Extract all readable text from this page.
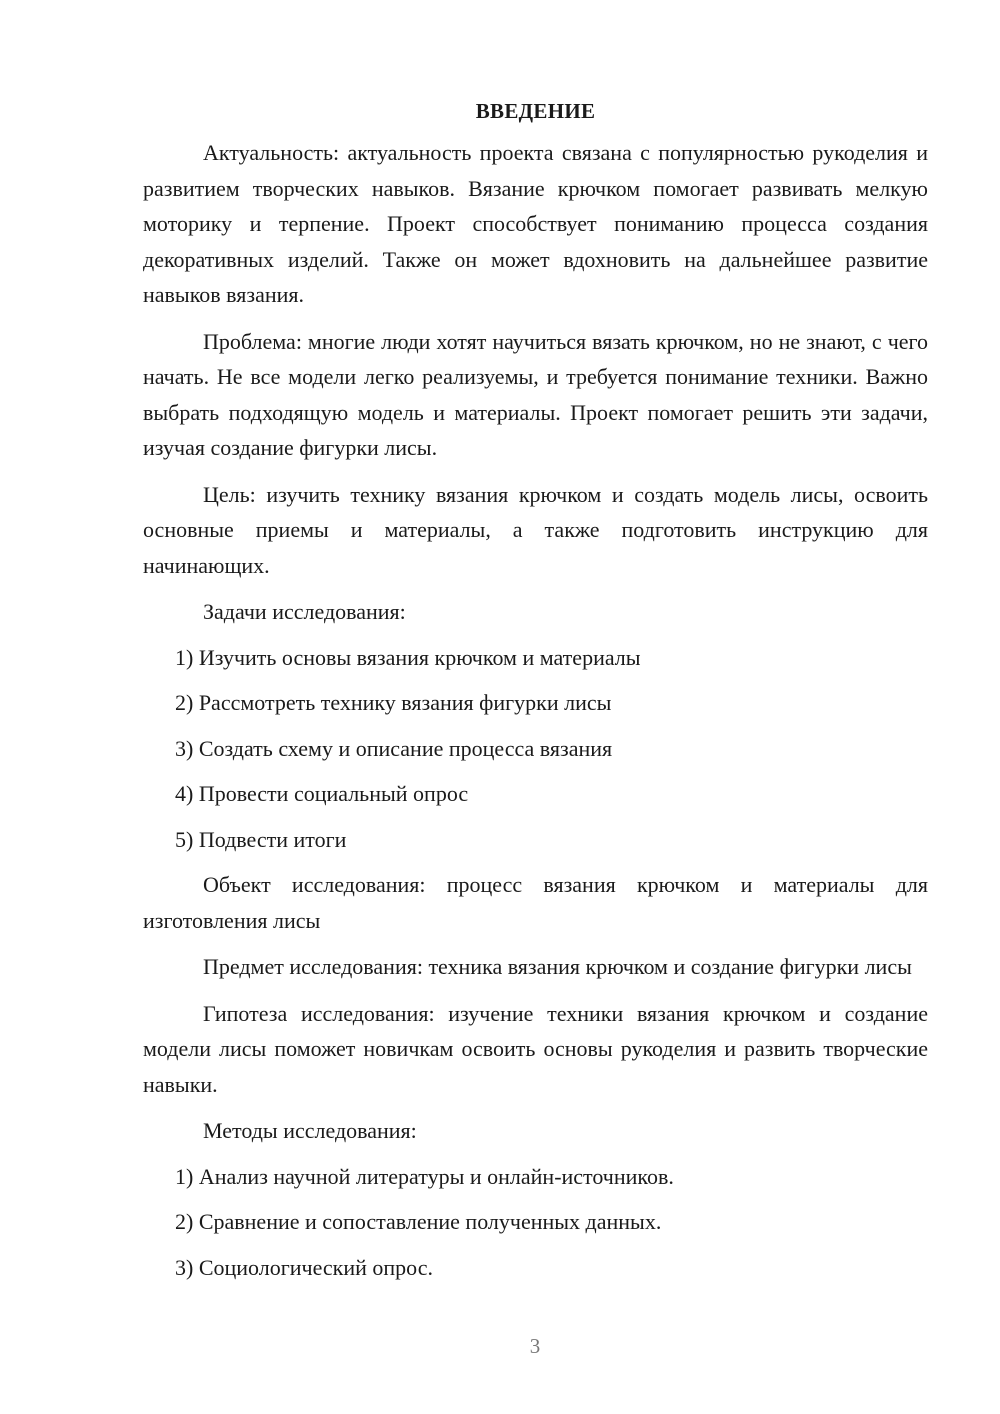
ВВЕДЕНИЕ

Актуальность: актуальность проекта связана с популярностью рукоделия и развитием творческих навыков. Вязание крючком помогает развивать мелкую моторику и терпение. Проект способствует пониманию процесса создания декоративных изделий. Также он может вдохновить на дальнейшее развитие навыков вязания.

Проблема: многие люди хотят научиться вязать крючком, но не знают, с чего начать. Не все модели легко реализуемы, и требуется понимание техники. Важно выбрать подходящую модель и материалы. Проект помогает решить эти задачи, изучая создание фигурки лисы.

Цель: изучить технику вязания крючком и создать модель лисы, освоить основные приемы и материалы, а также подготовить инструкцию для начинающих.

Задачи исследования:

1) Изучить основы вязания крючком и материалы
2) Рассмотреть технику вязания фигурки лисы
3) Создать схему и описание процесса вязания
4) Провести социальный опрос
5) Подвести итоги

Объект исследования: процесс вязания крючком и материалы для изготовления лисы

Предмет исследования: техника вязания крючком и создание фигурки лисы

Гипотеза исследования: изучение техники вязания крючком и создание модели лисы поможет новичкам освоить основы рукоделия и развить творческие навыки.

Методы исследования:

1) Анализ научной литературы и онлайн-источников.
2) Сравнение и сопоставление полученных данных.
3) Социологический опрос.
3
